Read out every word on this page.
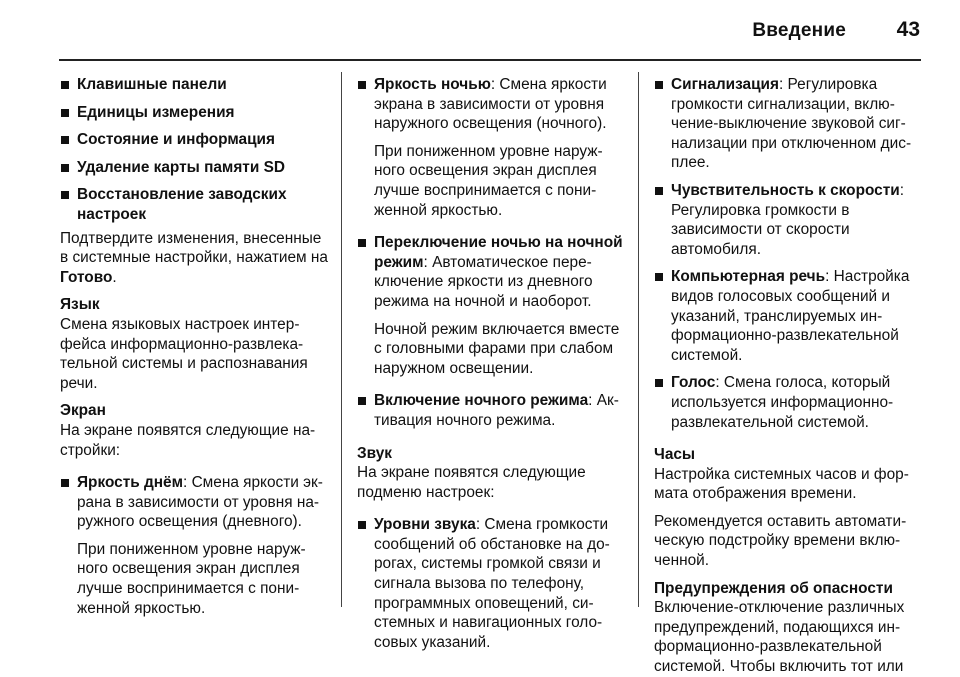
Введение	43
Клавишные панели
Единицы измерения
Состояние и информация
Удаление карты памяти SD
Восстановление заводских настроек

Подтвердите изменения, внесенные в системные настройки, нажатием на Готово.

Язык

Смена языковых настроек интерфейса информационно-развлекательной системы и распознавания речи.

Экран

На экране появятся следующие настройки:

Яркость днём: Смена яркости экрана в зависимости от уровня наружного освещения (дневного).

При пониженном уровне наружного освещения экран дисплея лучше воспринимается с пониженной яркостью.

Яркость ночью: Смена яркости экрана в зависимости от уровня наружного освещения (ночного).

При пониженном уровне наружного освещения экран дисплея лучше воспринимается с пониженной яркостью.

Переключение ночью на ночной режим: Автоматическое переключение яркости из дневного режима на ночной и наоборот.

Ночной режим включается вместе с головными фарами при слабом наружном освещении.

Включение ночного режима: Активация ночного режима.

Звук

На экране появятся следующие подменю настроек:

Уровни звука: Смена громкости сообщений об обстановке на дорогах, системы громкой связи и сигнала вызова по телефону, программных оповещений, системных и навигационных голосовых указаний.
Сигнализация: Регулировка громкости сигнализации, включение-выключение звуковой сигнализации при отключенном дисплее.
Чувствительность к скорости: Регулировка громкости в зависимости от скорости автомобиля.
Компьютерная речь: Настройка видов голосовых сообщений и указаний, транслируемых информационно-развлекательной системой.
Голос: Смена голоса, который используется информационно-развлекательной системой.

Часы

Настройка системных часов и формата отображения времени.

Рекомендуется оставить автоматическую подстройку времени включенной.

Предупреждения об опасности

Включение-отключение различных предупреждений, подающихся информационно-развлекательной системой. Чтобы включить тот или
